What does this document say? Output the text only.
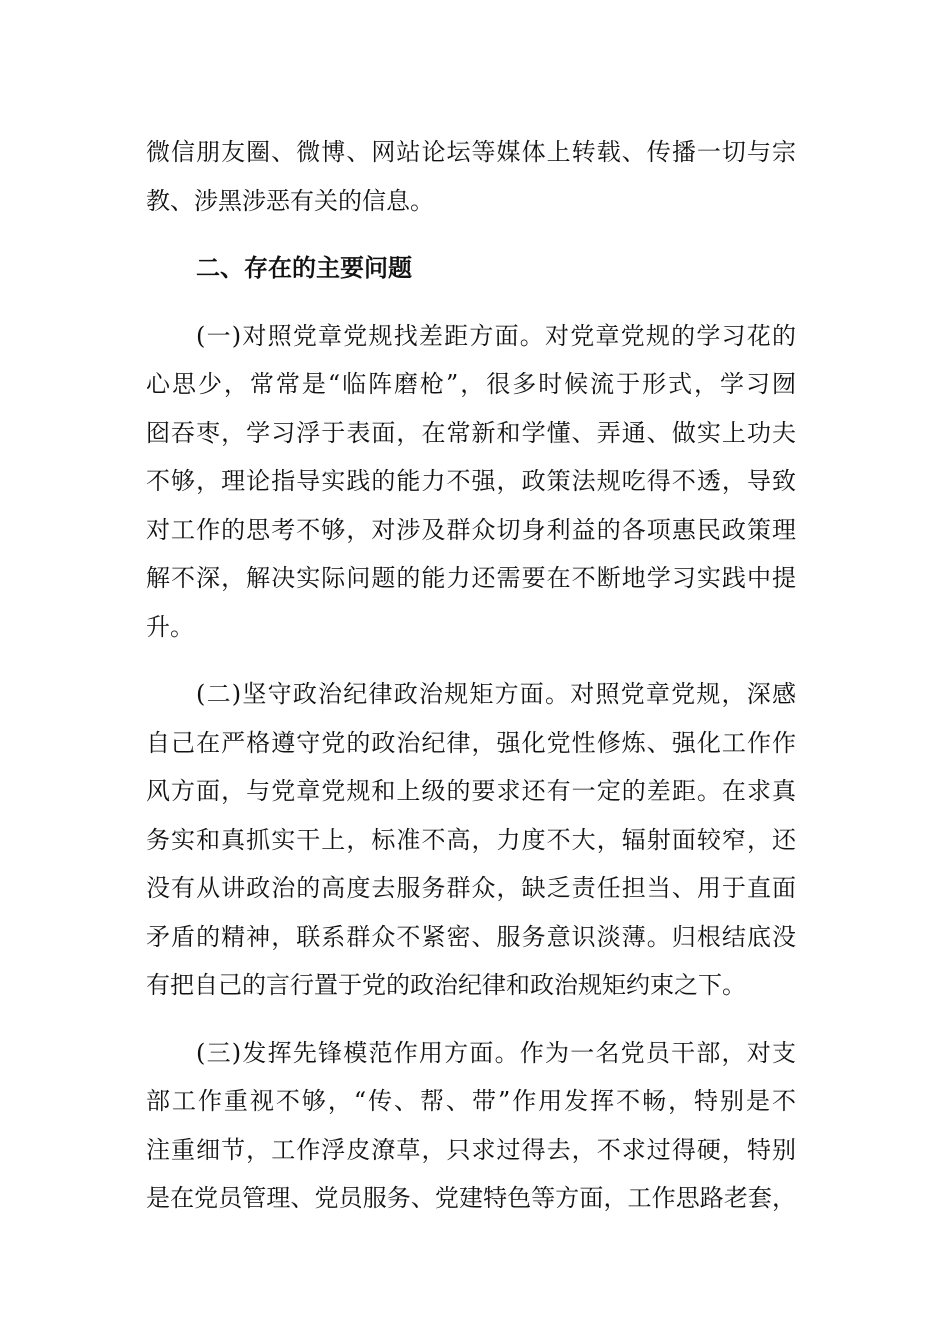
微信朋友圈、微博、网站论坛等媒体上转载、传播一切与宗
教、涉黑涉恶有关的信息。
二、存在的主要问题
(一)对照党章党规找差距方面。对党章党规的学习花的
心思少，常常是“临阵磨枪”，很多时候流于形式，学习囫
囵吞枣，学习浮于表面，在常新和学懂、弄通、做实上功夫
不够，理论指导实践的能力不强，政策法规吃得不透，导致
对工作的思考不够，对涉及群众切身利益的各项惠民政策理
解不深，解决实际问题的能力还需要在不断地学习实践中提
升。
(二)坚守政治纪律政治规矩方面。对照党章党规，深感
自己在严格遵守党的政治纪律，强化党性修炼、强化工作作
风方面，与党章党规和上级的要求还有一定的差距。在求真
务实和真抓实干上，标准不高，力度不大，辐射面较窄，还
没有从讲政治的高度去服务群众，缺乏责任担当、用于直面
矛盾的精神，联系群众不紧密、服务意识淡薄。归根结底没
有把自己的言行置于党的政治纪律和政治规矩约束之下。
(三)发挥先锋模范作用方面。作为一名党员干部，对支
部工作重视不够，“传、帮、带”作用发挥不畅，特别是不
注重细节，工作浮皮潦草，只求过得去，不求过得硬，特别
是在党员管理、党员服务、党建特色等方面，工作思路老套，
